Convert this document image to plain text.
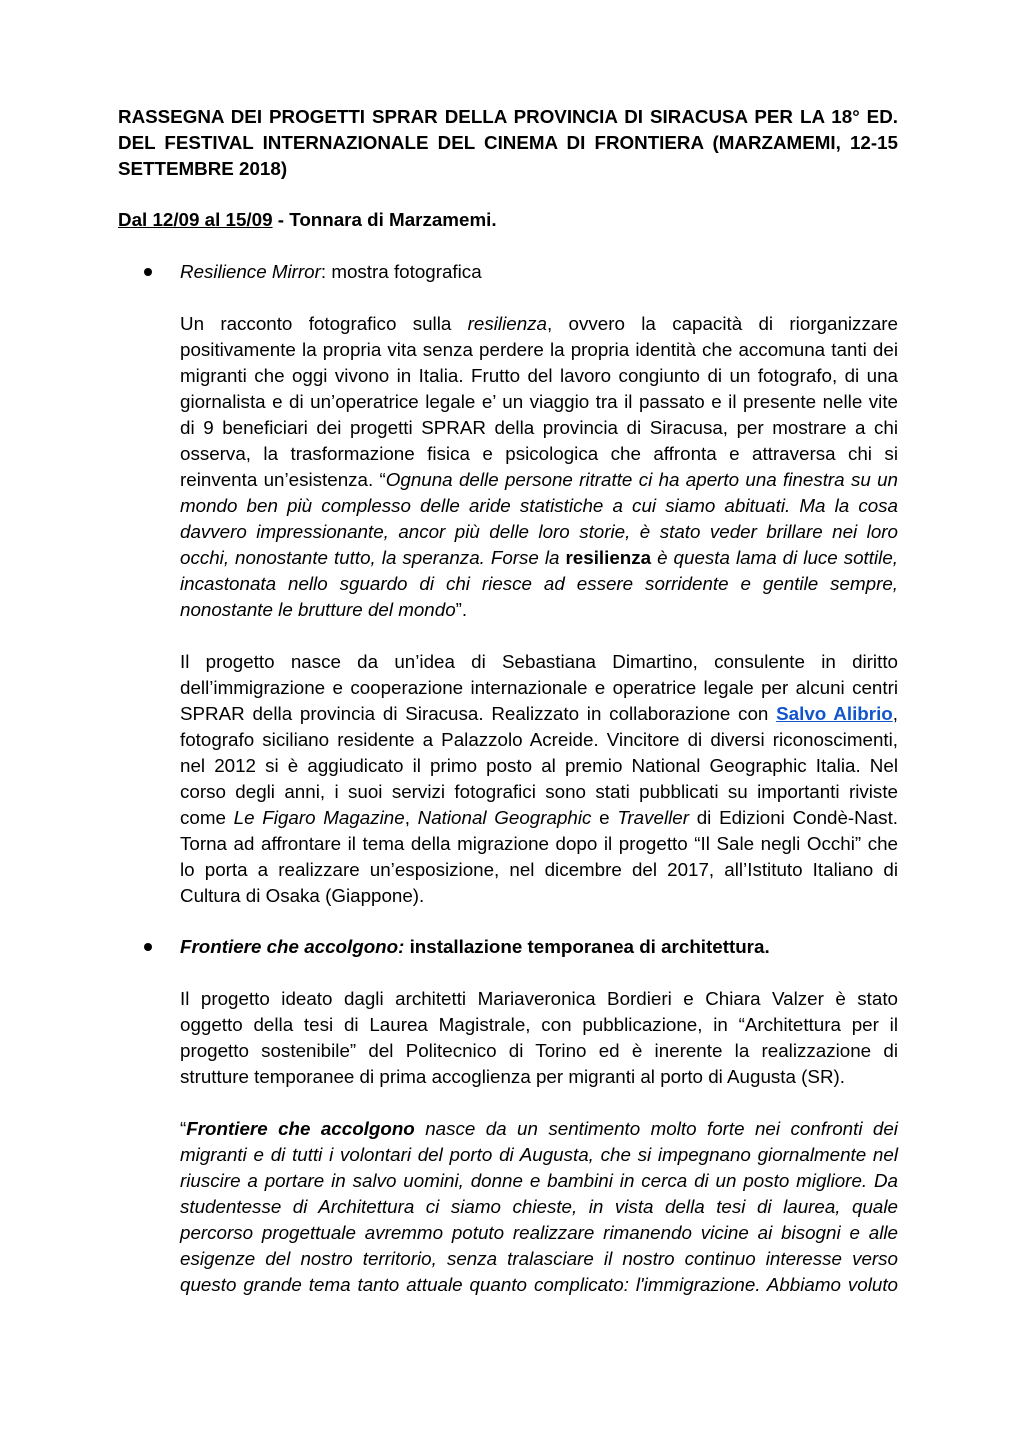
RASSEGNA DEI PROGETTI SPRAR DELLA PROVINCIA DI SIRACUSA PER LA 18° ED.
DEL FESTIVAL INTERNAZIONALE DEL CINEMA DI FRONTIERA (MARZAMEMI, 12-15
SETTEMBRE 2018)
Dal 12/09 al 15/09 - Tonnara di Marzamemi.
Resilience Mirror: mostra fotografica
Un racconto fotografico sulla resilienza, ovvero la capacità di riorganizzare
positivamente la propria vita senza perdere la propria identità che accomuna tanti dei
migranti che oggi vivono in Italia. Frutto del lavoro congiunto di un fotografo, di una
giornalista e di un’operatrice legale e’ un viaggio tra il passato e il presente nelle vite
di 9 beneficiari dei progetti SPRAR della provincia di Siracusa, per mostrare a chi
osserva, la trasformazione fisica e psicologica che affronta e attraversa chi si
reinventa un’esistenza. “Ognuna delle persone ritratte ci ha aperto una finestra su un
mondo ben più complesso delle aride statistiche a cui siamo abituati. Ma la cosa
davvero impressionante, ancor più delle loro storie, è stato veder brillare nei loro
occhi, nonostante tutto, la speranza. Forse la resilienza è questa lama di luce sottile,
incastonata nello sguardo di chi riesce ad essere sorridente e gentile sempre,
nonostante le brutture del mondo”.
Il progetto nasce da un’idea di Sebastiana Dimartino, consulente in diritto
dell’immigrazione e cooperazione internazionale e operatrice legale per alcuni centri
SPRAR della provincia di Siracusa. Realizzato in collaborazione con Salvo Alibrio,
fotografo siciliano residente a Palazzolo Acreide. Vincitore di diversi riconoscimenti,
nel 2012 si è aggiudicato il primo posto al premio National Geographic Italia. Nel
corso degli anni, i suoi servizi fotografici sono stati pubblicati su importanti riviste
come Le Figaro Magazine, National Geographic e Traveller di Edizioni Condè-Nast.
Torna ad affrontare il tema della migrazione dopo il progetto “Il Sale negli Occhi” che
lo porta a realizzare un’esposizione, nel dicembre del 2017, all’Istituto Italiano di
Cultura di Osaka (Giappone).
Frontiere che accolgono: installazione temporanea di architettura.
Il progetto ideato dagli architetti Mariaveronica Bordieri e Chiara Valzer è stato
oggetto della tesi di Laurea Magistrale, con pubblicazione, in “Architettura per il
progetto sostenibile” del Politecnico di Torino ed è inerente la realizzazione di
strutture temporanee di prima accoglienza per migranti al porto di Augusta (SR).
“Frontiere che accolgono nasce da un sentimento molto forte nei confronti dei
migranti e di tutti i volontari del porto di Augusta, che si impegnano giornalmente nel
riuscire a portare in salvo uomini, donne e bambini in cerca di un posto migliore. Da
studentesse di Architettura ci siamo chieste, in vista della tesi di laurea, quale
percorso progettuale avremmo potuto realizzare rimanendo vicine ai bisogni e alle
esigenze del nostro territorio, senza tralasciare il nostro continuo interesse verso
questo grande tema tanto attuale quanto complicato: l'immigrazione. Abbiamo voluto
